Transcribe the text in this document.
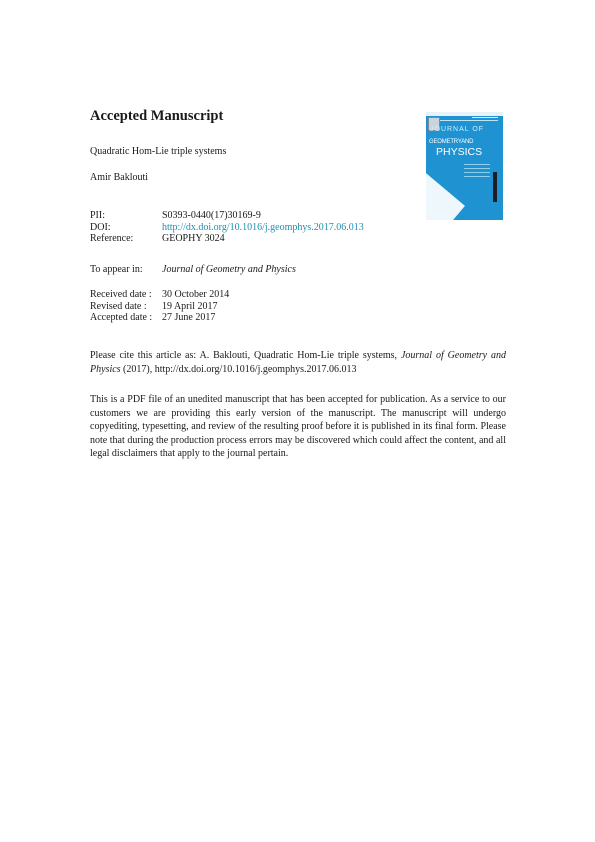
Accepted Manuscript
Quadratic Hom-Lie triple systems
Amir Baklouti
JOURNAL OF
GEOMETRYAND
PHYSICS
PII:	S0393-0440(17)30169-9
DOI:	http://dx.doi.org/10.1016/j.geomphys.2017.06.013
Reference:	GEOPHY 3024
To appear in:	Journal of Geometry and Physics
Received date :	30 October 2014
Revised date :	19 April 2017
Accepted date :	27 June 2017

Please cite this article as: A. Baklouti, Quadratic Hom-Lie triple systems, Journal of Geometry and Physics (2017), http://dx.doi.org/10.1016/j.geomphys.2017.06.013

This is a PDF file of an unedited manuscript that has been accepted for publication. As a service to our customers we are providing this early version of the manuscript. The manuscript will undergo copyediting, typesetting, and review of the resulting proof before it is published in its final form. Please note that during the production process errors may be discovered which could affect the content, and all legal disclaimers that apply to the journal pertain.
